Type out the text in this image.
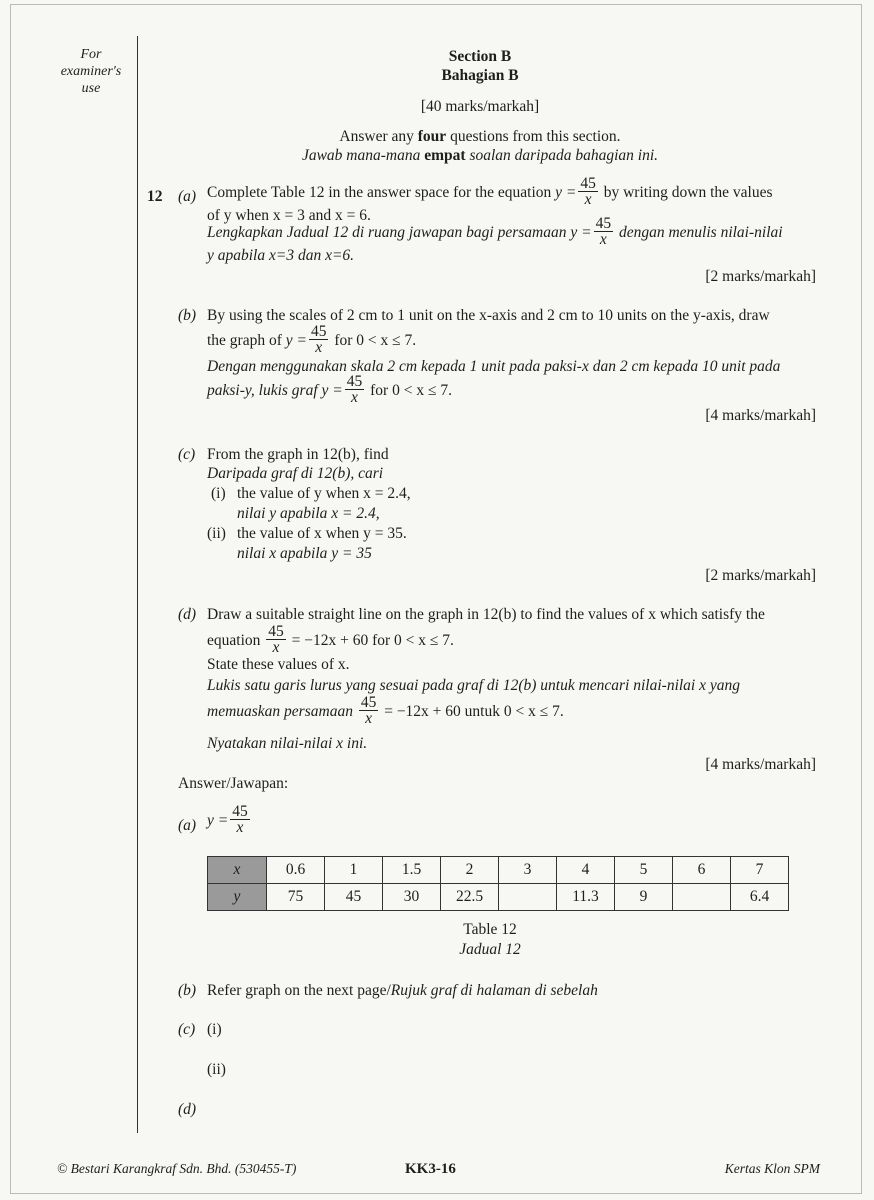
For
examiner's
use
Section B
Bahagian B
[40 marks/markah]
Answer any four questions from this section.
Jawab mana-mana empat soalan daripada bahagian ini.
12 (a) Complete Table 12 in the answer space for the equation $y = \frac{45}{x}$ by writing down the values
of y when x = 3 and x = 6.
Lengkapkan Jadual 12 di ruang jawapan bagi persamaan $y = \frac{45}{x}$ dengan menulis nilai-nilai
y apabila x=3 dan x=6.
[2 marks/markah]
(b) By using the scales of 2 cm to 1 unit on the x-axis and 2 cm to 10 units on the y-axis, draw
the graph of $y = \frac{45}{x}$ for 0 < x ≤ 7.
Dengan menggunakan skala 2 cm kepada 1 unit pada paksi-x dan 2 cm kepada 10 unit pada
paksi-y, lukis graf $y = \frac{45}{x}$ for 0 < x ≤ 7.
[4 marks/markah]
(c) From the graph in 12(b), find
Daripada graf di 12(b), cari
(i) the value of y when x = 2.4,
nilai y apabila x = 2.4,
(ii) the value of x when y = 35.
nilai x apabila y = 35
[2 marks/markah]
(d) Draw a suitable straight line on the graph in 12(b) to find the values of x which satisfy the
equation $\frac{45}{x} = -12x + 60$ for 0 < x ≤ 7.
State these values of x.
Lukis satu garis lurus yang sesuai pada graf di 12(b) untuk mencari nilai-nilai x yang
memuaskan persamaan $\frac{45}{x} = -12x + 60$ untuk 0 < x ≤ 7.
Nyatakan nilai-nilai x ini.
[4 marks/markah]
Answer/Jawapan:
(a) $y = \frac{45}{x}$
x	0.6	1	1.5	2	3	4	5	6	7
y	75	45	30	22.5		11.3	9		6.4
Table 12
Jadual 12
(b) Refer graph on the next page/Rujuk graf di halaman di sebelah
(c) (i)
(ii)
(d)
© Bestari Karangkraf Sdn. Bhd. (530455-T)	KK3-16	Kertas Klon SPM
